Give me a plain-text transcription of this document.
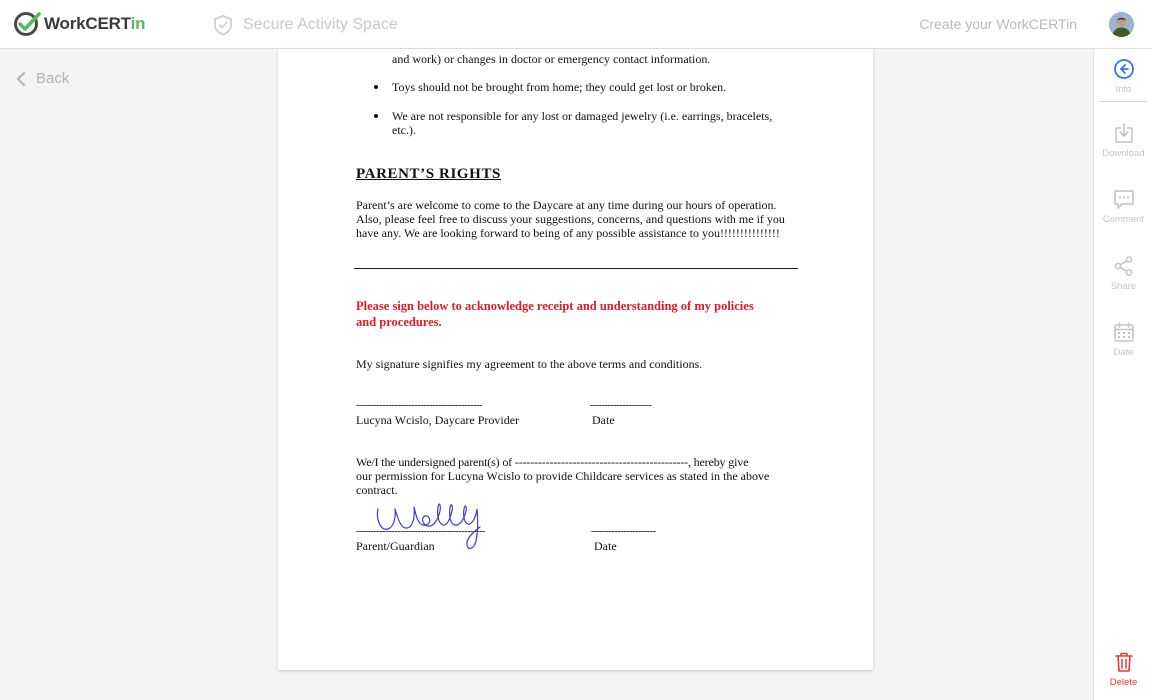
WorkCERTin	Secure Activity Space	Create your WorkCERTin
Back
and work) or changes in doctor or emergency contact information.
Toys should not be brought from home; they could get lost or broken.
We are not responsible for any lost or damaged jewelry (i.e. earrings, bracelets,
etc.).
PARENT’S RIGHTS
Parent’s are welcome to come to the Daycare at any time during our hours of operation.
Also, please feel free to discuss your suggestions, concerns, and questions with me if you
have any. We are looking forward to being of any possible assistance to you!!!!!!!!!!!!!!!
Please sign below to acknowledge receipt and understanding of my policies
and procedures.
My signature signifies my agreement to the above terms and conditions.
-------------------------------------------	---------------------
Lucyna Wcislo, Daycare Provider	Date
We/I the undersigned parent(s) of ---------------------------------------------, hereby give
our permission for Lucyna Wcislo to provide Childcare services as stated in the above
contract.
--------------------------------------------	----------------------
Parent/Guardian	Date
Info
Download
Comment
Share
Date
Delete
